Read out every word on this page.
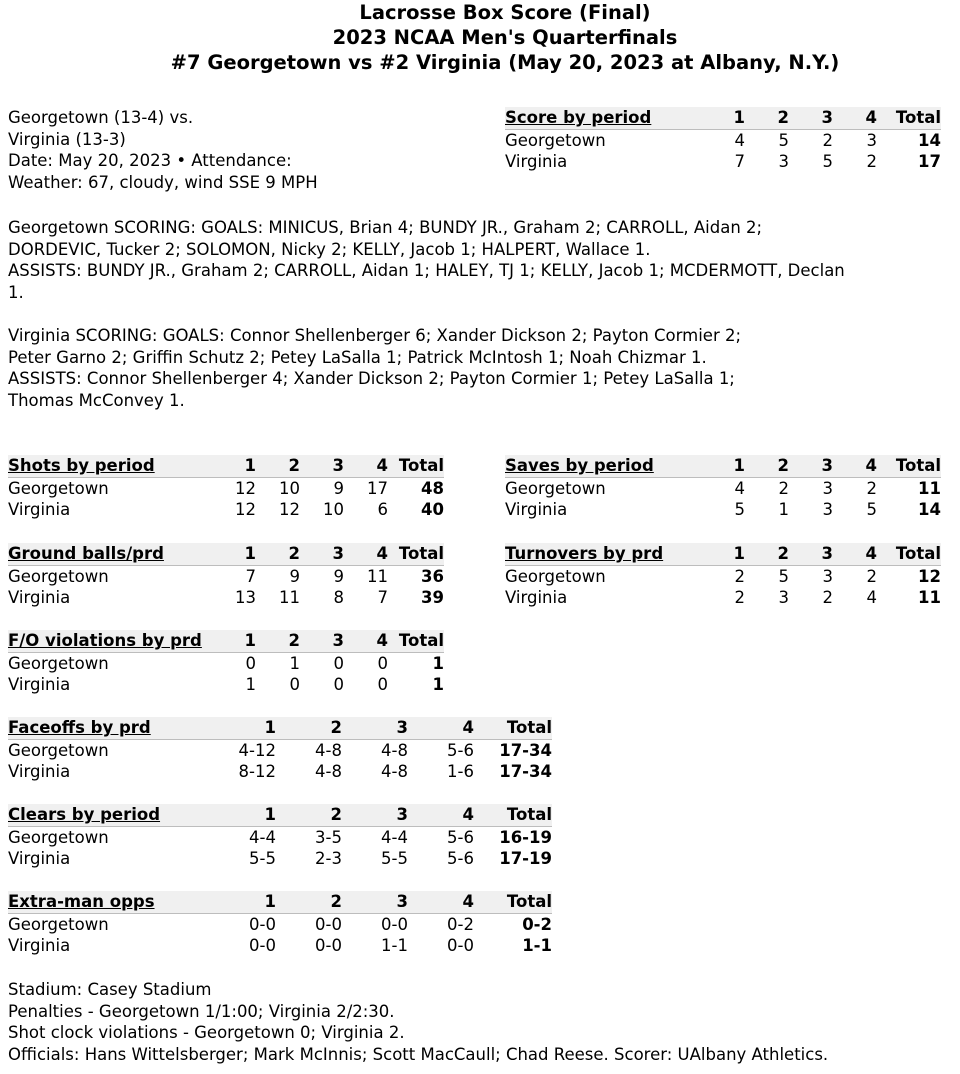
Lacrosse Box Score (Final)
2023 NCAA Men's Quarterfinals
#7 Georgetown vs #2 Virginia (May 20, 2023 at Albany, N.Y.)
Georgetown (13-4) vs.
Virginia (13-3)
Date: May 20, 2023 • Attendance:
Weather: 67, cloudy, wind SSE 9 MPH
Score by period	1	2	3	4	Total
Georgetown	4	5	2	3	14
Virginia	7	3	5	2	17
Georgetown SCORING: GOALS: MINICUS, Brian 4; BUNDY JR., Graham 2; CARROLL, Aidan 2; DORDEVIC, Tucker 2; SOLOMON, Nicky 2; KELLY, Jacob 1; HALPERT, Wallace 1.
ASSISTS: BUNDY JR., Graham 2; CARROLL, Aidan 1; HALEY, TJ 1; KELLY, Jacob 1; MCDERMOTT, Declan 1.
Virginia SCORING: GOALS: Connor Shellenberger 6; Xander Dickson 2; Payton Cormier 2; Peter Garno 2; Griffin Schutz 2; Petey LaSalla 1; Patrick McIntosh 1; Noah Chizmar 1.
ASSISTS: Connor Shellenberger 4; Xander Dickson 2; Payton Cormier 1; Petey LaSalla 1; Thomas McConvey 1.
Shots by period	1	2	3	4	Total
Georgetown	12	10	9	17	48
Virginia	12	12	10	6	40
Saves by period	1	2	3	4	Total
Georgetown	4	2	3	2	11
Virginia	5	1	3	5	14
Ground balls/prd	1	2	3	4	Total
Georgetown	7	9	9	11	36
Virginia	13	11	8	7	39
Turnovers by prd	1	2	3	4	Total
Georgetown	2	5	3	2	12
Virginia	2	3	2	4	11
F/O violations by prd	1	2	3	4	Total
Georgetown	0	1	0	0	1
Virginia	1	0	0	0	1
Faceoffs by prd	1	2	3	4	Total
Georgetown	4-12	4-8	4-8	5-6	17-34
Virginia	8-12	4-8	4-8	1-6	17-34
Clears by period	1	2	3	4	Total
Georgetown	4-4	3-5	4-4	5-6	16-19
Virginia	5-5	2-3	5-5	5-6	17-19
Extra-man opps	1	2	3	4	Total
Georgetown	0-0	0-0	0-0	0-2	0-2
Virginia	0-0	0-0	1-1	0-0	1-1
Stadium: Casey Stadium
Penalties - Georgetown 1/1:00; Virginia 2/2:30.
Shot clock violations - Georgetown 0; Virginia 2.
Officials: Hans Wittelsberger; Mark McInnis; Scott MacCaull; Chad Reese. Scorer: UAlbany Athletics.
